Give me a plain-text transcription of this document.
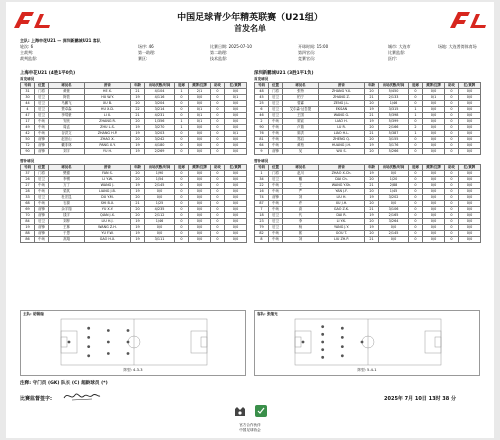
中国足球青少年精英联赛（U21组）
首发名单
主队: 上海申花U21 — 深圳新鹏城U21 客队
轮次: 6	场序: 46	比赛日期: 2025-07-10	开球时间: 15:00	城市: 大连市	场地: 大连普湾体育场
主裁判:	第一助理:	第二助理:	第四官员:	比赛监督:
裁判监督:	赛区:	技术监督:	竞赛官员:	医疗:
上海申花U21 (4胜1平0负)	深圳新鹏城U21 (3胜1平1负)
首发球员	首发球员
号码	位置	球员名	拼音	年龄	出场次数/时间	进球	黄牌/红牌	助攻	红/黄牌
31	门将	黄豪	HE X.	21	4/104	1	2/1	0	0/0
30	后卫	阿依	HU W.Y.	19	4/116	0	0/0	0	0/1
44	后卫	马鹏飞	XU B.	20	3/204	0	0/0	0	0/0
4	后卫	贾卓森	HU X.D.	22	3/214	0	0/1	0	0/0
47	后卫	李靖豪	LI X.	21	4/231	0	0/1	0	0/0
17	中场	安欣	ZHANG R.	20	1/356	1	0/1	0	0/0
49	中场	周孟	ZHU L.S.	19	3/270	1	0/0	0	0/0
42	中场	谷洪文	ZHANG H.P.	19	3/203	0	0/0	0	0/1
50	前锋	赵崇山	ZHAO X.	20	3/242	0	0/0	0	0/0
72	前锋	戴非林	PANG X.Y.	19	4/180	0	0/0	0	0/0
90	前锋	刘宇	YU H.	19	2/269	0	0/0	0	0/0
号码	位置	球员名	拼音	年龄	出场次数/时间	进球	黄牌/红牌	助攻	红/黄牌
48	门将	张特	ZHANG Y.X.	20	5/450	0	0/0	0	0/0
45	后卫	柏宁	ZHANG Z.	21	2/133	0	0/1	0	0/0
25	后卫	曾霖	ZENG J.L.	20	1/46	0	0/0	0	0/0
6	后卫	艾尔森·达吾提	EKSAN	19	3/315	1	0/0	0	0/0
46	后卫	王国	WANG G.	21	5/398	1	0/0	0	0/0
2	中场	廖宸	LIAO H.	19	5/399	0	0/0	0	0/0
90	中场	卢瑞	LU R.	20	2/166	2	0/0	0	0/0
76	中场	廖洪	LIAO H.L.	21	5/387	1	0/0	0	0/0
81	中场	郑启	ZHENG Q.	20	3/155	0	0/0	0	0/0
64	中场	黄柏	HUANG J.H.	19	3/176	0	0/0	0	0/0
9	前锋	吴	WU S.	20	5/266	0	0/0	0	0/0
替补球员	替补球员
号码	位置	球员名	拼音	年龄	出场次数/时间	进球	黄牌/红牌	助攻	红/黄牌
37	门将	樊德	FAN S.	20	1/90	0	0/0	0	0/0
26	后卫	李锡	LI Y.W.	20	1/54	0	0/0	0	0/0
27	中场	万丁	WANG J.	19	2/145	0	0/0	0	0/0
28	中场	梁其	LIANG J.B.	19	0/0	0	0/0	0	0/0
33	后卫	杜宏昆	DU Y.M.	20	0/0	0	0/0	0	0/0
68	中场	石源	SHI B.X.	21	1/25	0	0/0	0	0/0
69	前锋	余宇翔	YU X.Y.	20	4/235	0	0/0	0	0/0
70	前锋	钱宇	QIAN J.X.	20	2/112	0	0/0	0	0/0
84	后卫	刘梓	LIU H.J.	19	1/46	0	0/0	0	0/0
19	前锋	王林	WANG Z.H.	19	0/0	0	0/0	0	0/0
88	前锋	于思	YU F.W.	19	0/0	0	0/0	0	0/0
86	中场	高翔	GAO H.X.	19	3/111	0	0/0	0	0/0
号码	位置	球员名	拼音	年龄	出场次数/时间	进球	黄牌/红牌	助攻	红/黄牌
1	门将	赵川	ZHAO X.Ch.	19	0/0	0	0/0	0	0/0
34	后卫	戴	DAI Ch.	20	1/20	0	0/0	0	0/0
22	中场	王	WANG Y.Sh.	21	2/88	0	0/0	0	0/0
16	中场	严	YAN J.F.	20	1/45	0	0/0	0	0/0
74	前锋	刘	LIU H.	19	3/202	0	0/0	0	0/0
87	中场	许	XU J.H.	20	0/0	0	0/0	0	0/0
7	中场	高	GAO Z.K.	21	3/106	0	0/0	0	0/0
18	后卫	代	DAI R.	19	2/165	0	0/0	0	0/0
23	后卫	李	LI Y.K.	20	3/264	0	0/0	0	0/0
79	后卫	杨	YANG J.Y.	19	0/0	0	0/0	0	0/0
82	中场	郭	GOU T.	20	2/145	0	0/0	0	0/0
8	中场	刘	LIU ZH.P.	21	0/0	0	0/0	0	0/0
主队: 胡锡瑞
阵型: 4-3-3
客队: 张继光
阵型: 5-4-1
注释: 守门员 (GK) 队长 (C) 超龄球员 (*)
比赛监督签字:	2025年 7月 10日 13时 38 分
官方合作伙伴
中国足球协会
